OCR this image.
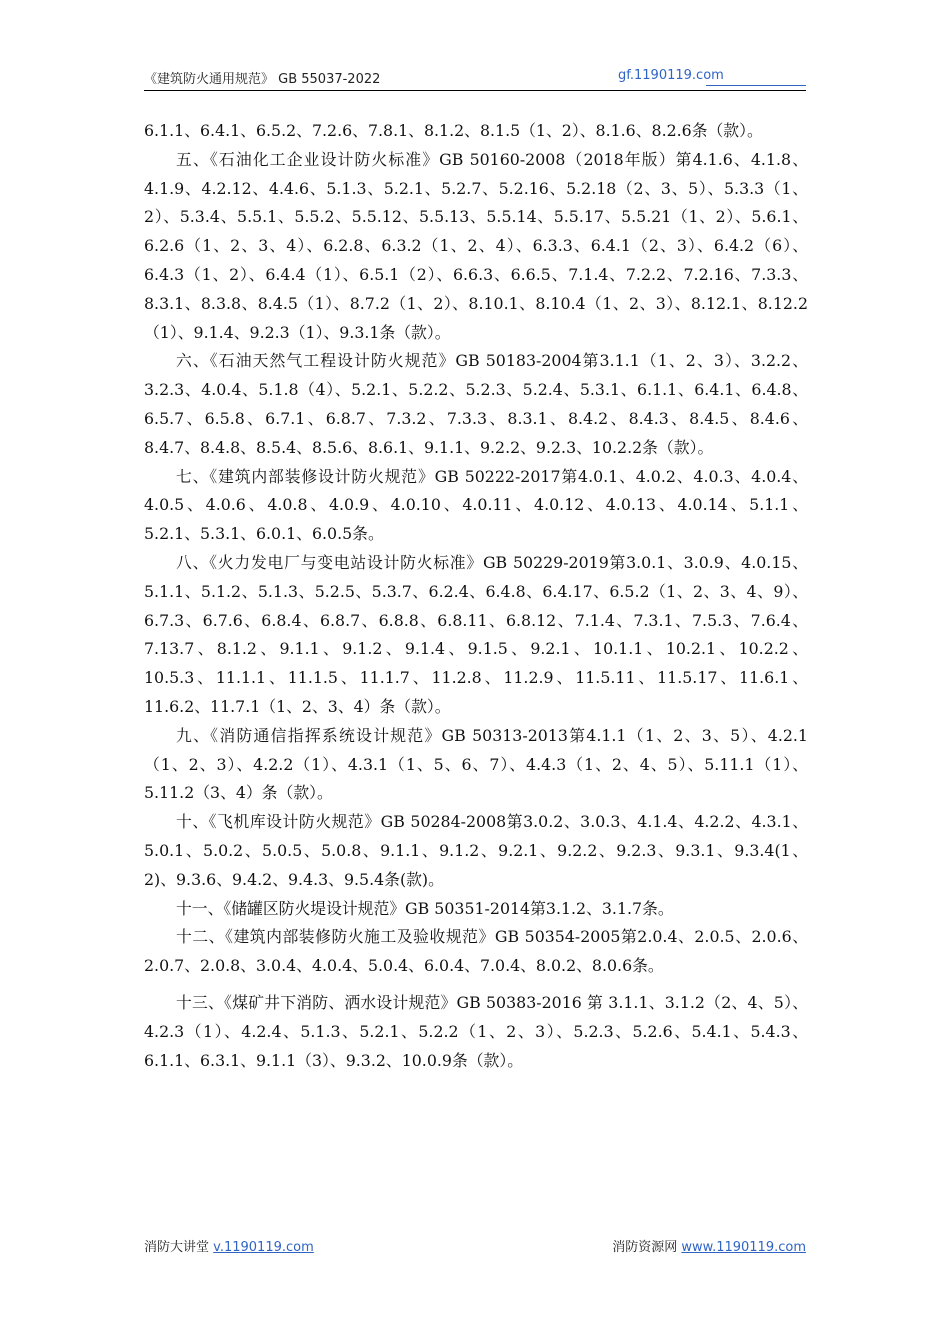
《建筑防火通用规范》 GB 55037-2022	gf.1190119.com

6.1.1、6.4.1、6.5.2、7.2.6、7.8.1、8.1.2、8.1.5（1、2）、8.1.6、8.2.6条（款）。

五、《石油化工企业设计防火标准》GB 50160-2008（2018年版）第4.1.6、4.1.8、4.1.9、4.2.12、4.4.6、5.1.3、5.2.1、5.2.7、5.2.16、5.2.18（2、3、5）、5.3.3（1、2）、5.3.4、5.5.1、5.5.2、5.5.12、5.5.13、5.5.14、5.5.17、5.5.21（1、2）、5.6.1、6.2.6（1、2、3、4）、6.2.8、6.3.2（1、2、4）、6.3.3、6.4.1（2、3）、6.4.2（6）、6.4.3（1、2）、6.4.4（1）、6.5.1（2）、6.6.3、6.6.5、7.1.4、7.2.2、7.2.16、7.3.3、8.3.1、8.3.8、8.4.5（1）、8.7.2（1、2）、8.10.1、8.10.4（1、2、3）、8.12.1、8.12.2（1）、9.1.4、9.2.3（1）、9.3.1条（款）。

六、《石油天然气工程设计防火规范》GB 50183-2004第3.1.1（1、2、3）、3.2.2、3.2.3、4.0.4、5.1.8（4）、5.2.1、5.2.2、5.2.3、5.2.4、5.3.1、6.1.1、6.4.1、6.4.8、6.5.7、6.5.8、6.7.1、6.8.7、7.3.2、7.3.3、8.3.1、8.4.2、8.4.3、8.4.5、8.4.6、8.4.7、8.4.8、8.5.4、8.5.6、8.6.1、9.1.1、9.2.2、9.2.3、10.2.2条（款）。

七、《建筑内部装修设计防火规范》GB 50222-2017第4.0.1、4.0.2、4.0.3、4.0.4、4.0.5、4.0.6、4.0.8、4.0.9、4.0.10、4.0.11、4.0.12、4.0.13、4.0.14、5.1.1、5.2.1、5.3.1、6.0.1、6.0.5条。

八、《火力发电厂与变电站设计防火标准》GB 50229-2019第3.0.1、3.0.9、4.0.15、5.1.1、5.1.2、5.1.3、5.2.5、5.3.7、6.2.4、6.4.8、6.4.17、6.5.2（1、2、3、4、9）、6.7.3、6.7.6、6.8.4、6.8.7、6.8.8、6.8.11、6.8.12、7.1.4、7.3.1、7.5.3、7.6.4、7.13.7、8.1.2、9.1.1、9.1.2、9.1.4、9.1.5、9.2.1、10.1.1、10.2.1、10.2.2、10.5.3、11.1.1、11.1.5、11.1.7、11.2.8、11.2.9、11.5.11、11.5.17、11.6.1、11.6.2、11.7.1（1、2、3、4）条（款）。

九、《消防通信指挥系统设计规范》GB 50313-2013第4.1.1（1、2、3、5）、4.2.1（1、2、3）、4.2.2（1）、4.3.1（1、5、6、7）、4.4.3（1、2、4、5）、5.11.1（1）、5.11.2（3、4）条（款）。

十、《飞机库设计防火规范》GB 50284-2008第3.0.2、3.0.3、4.1.4、4.2.2、4.3.1、5.0.1、5.0.2、5.0.5、5.0.8、9.1.1、9.1.2、9.2.1、9.2.2、9.2.3、9.3.1、9.3.4(1、2)、9.3.6、9.4.2、9.4.3、9.5.4条(款)。

十一、《储罐区防火堤设计规范》GB 50351-2014第3.1.2、3.1.7条。

十二、《建筑内部装修防火施工及验收规范》GB 50354-2005第2.0.4、2.0.5、2.0.6、2.0.7、2.0.8、3.0.4、4.0.4、5.0.4、6.0.4、7.0.4、8.0.2、8.0.6条。

十三、《煤矿井下消防、洒水设计规范》GB 50383-2016 第 3.1.1、3.1.2（2、4、5）、4.2.3（1）、4.2.4、5.1.3、5.2.1、5.2.2（1、2、3）、5.2.3、5.2.6、5.4.1、5.4.3、6.1.1、6.3.1、9.1.1（3）、9.3.2、10.0.9条（款）。

消防大讲堂 v.1190119.com	消防资源网 www.1190119.com
